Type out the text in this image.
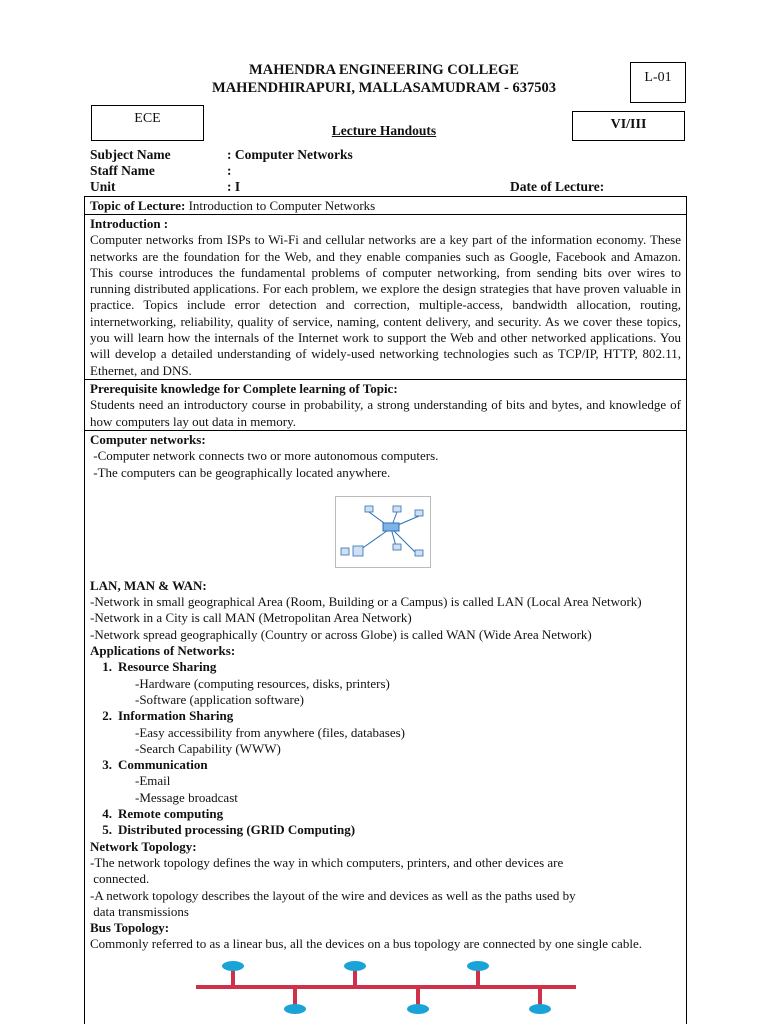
MAHENDRA ENGINEERING COLLEGE
MAHENDHIRAPURI, MALLASAMUDRAM - 637503
L-01
ECE
Lecture Handouts	VI/III
Subject Name	: Computer Networks
Staff Name	:
Unit	: I	Date of Lecture:
Topic of Lecture: Introduction to Computer Networks
Introduction :
Computer networks from ISPs to Wi-Fi and cellular networks are a key part of the information economy. These networks are the foundation for the Web, and they enable companies such as Google, Facebook and Amazon. This course introduces the fundamental problems of computer networking, from sending bits over wires to running distributed applications. For each problem, we explore the design strategies that have proven valuable in practice. Topics include error detection and correction, multiple-access, bandwidth allocation, routing, internetworking, reliability, quality of service, naming, content delivery, and security. As we cover these topics, you will learn how the internals of the Internet work to support the Web and other networked applications. You will develop a detailed understanding of widely-used networking technologies such as TCP/IP, HTTP, 802.11, Ethernet, and DNS.
Prerequisite knowledge for Complete learning of Topic:
Students need an introductory course in probability, a strong understanding of bits and bytes, and knowledge of how computers lay out data in memory.
Computer networks:
-Computer network connects two or more autonomous computers.
-The computers can be geographically located anywhere.
LAN, MAN & WAN:
-Network in small geographical Area (Room, Building or a Campus) is called LAN (Local Area Network)
-Network in a City is call MAN (Metropolitan Area Network)
-Network spread geographically (Country or across Globe) is called WAN (Wide Area Network)
Applications of Networks:
1. Resource Sharing
-Hardware (computing resources, disks, printers)
-Software (application software)
2. Information Sharing
-Easy accessibility from anywhere (files, databases)
-Search Capability (WWW)
3. Communication
-Email
-Message broadcast
4. Remote computing
5. Distributed processing (GRID Computing)
Network Topology:
-The network topology defines the way in which computers, printers, and other devices are
connected.
-A network topology describes the layout of the wire and devices as well as the paths used by
data transmissions
Bus Topology:
Commonly referred to as a linear bus, all the devices on a bus topology are connected by one single cable.
